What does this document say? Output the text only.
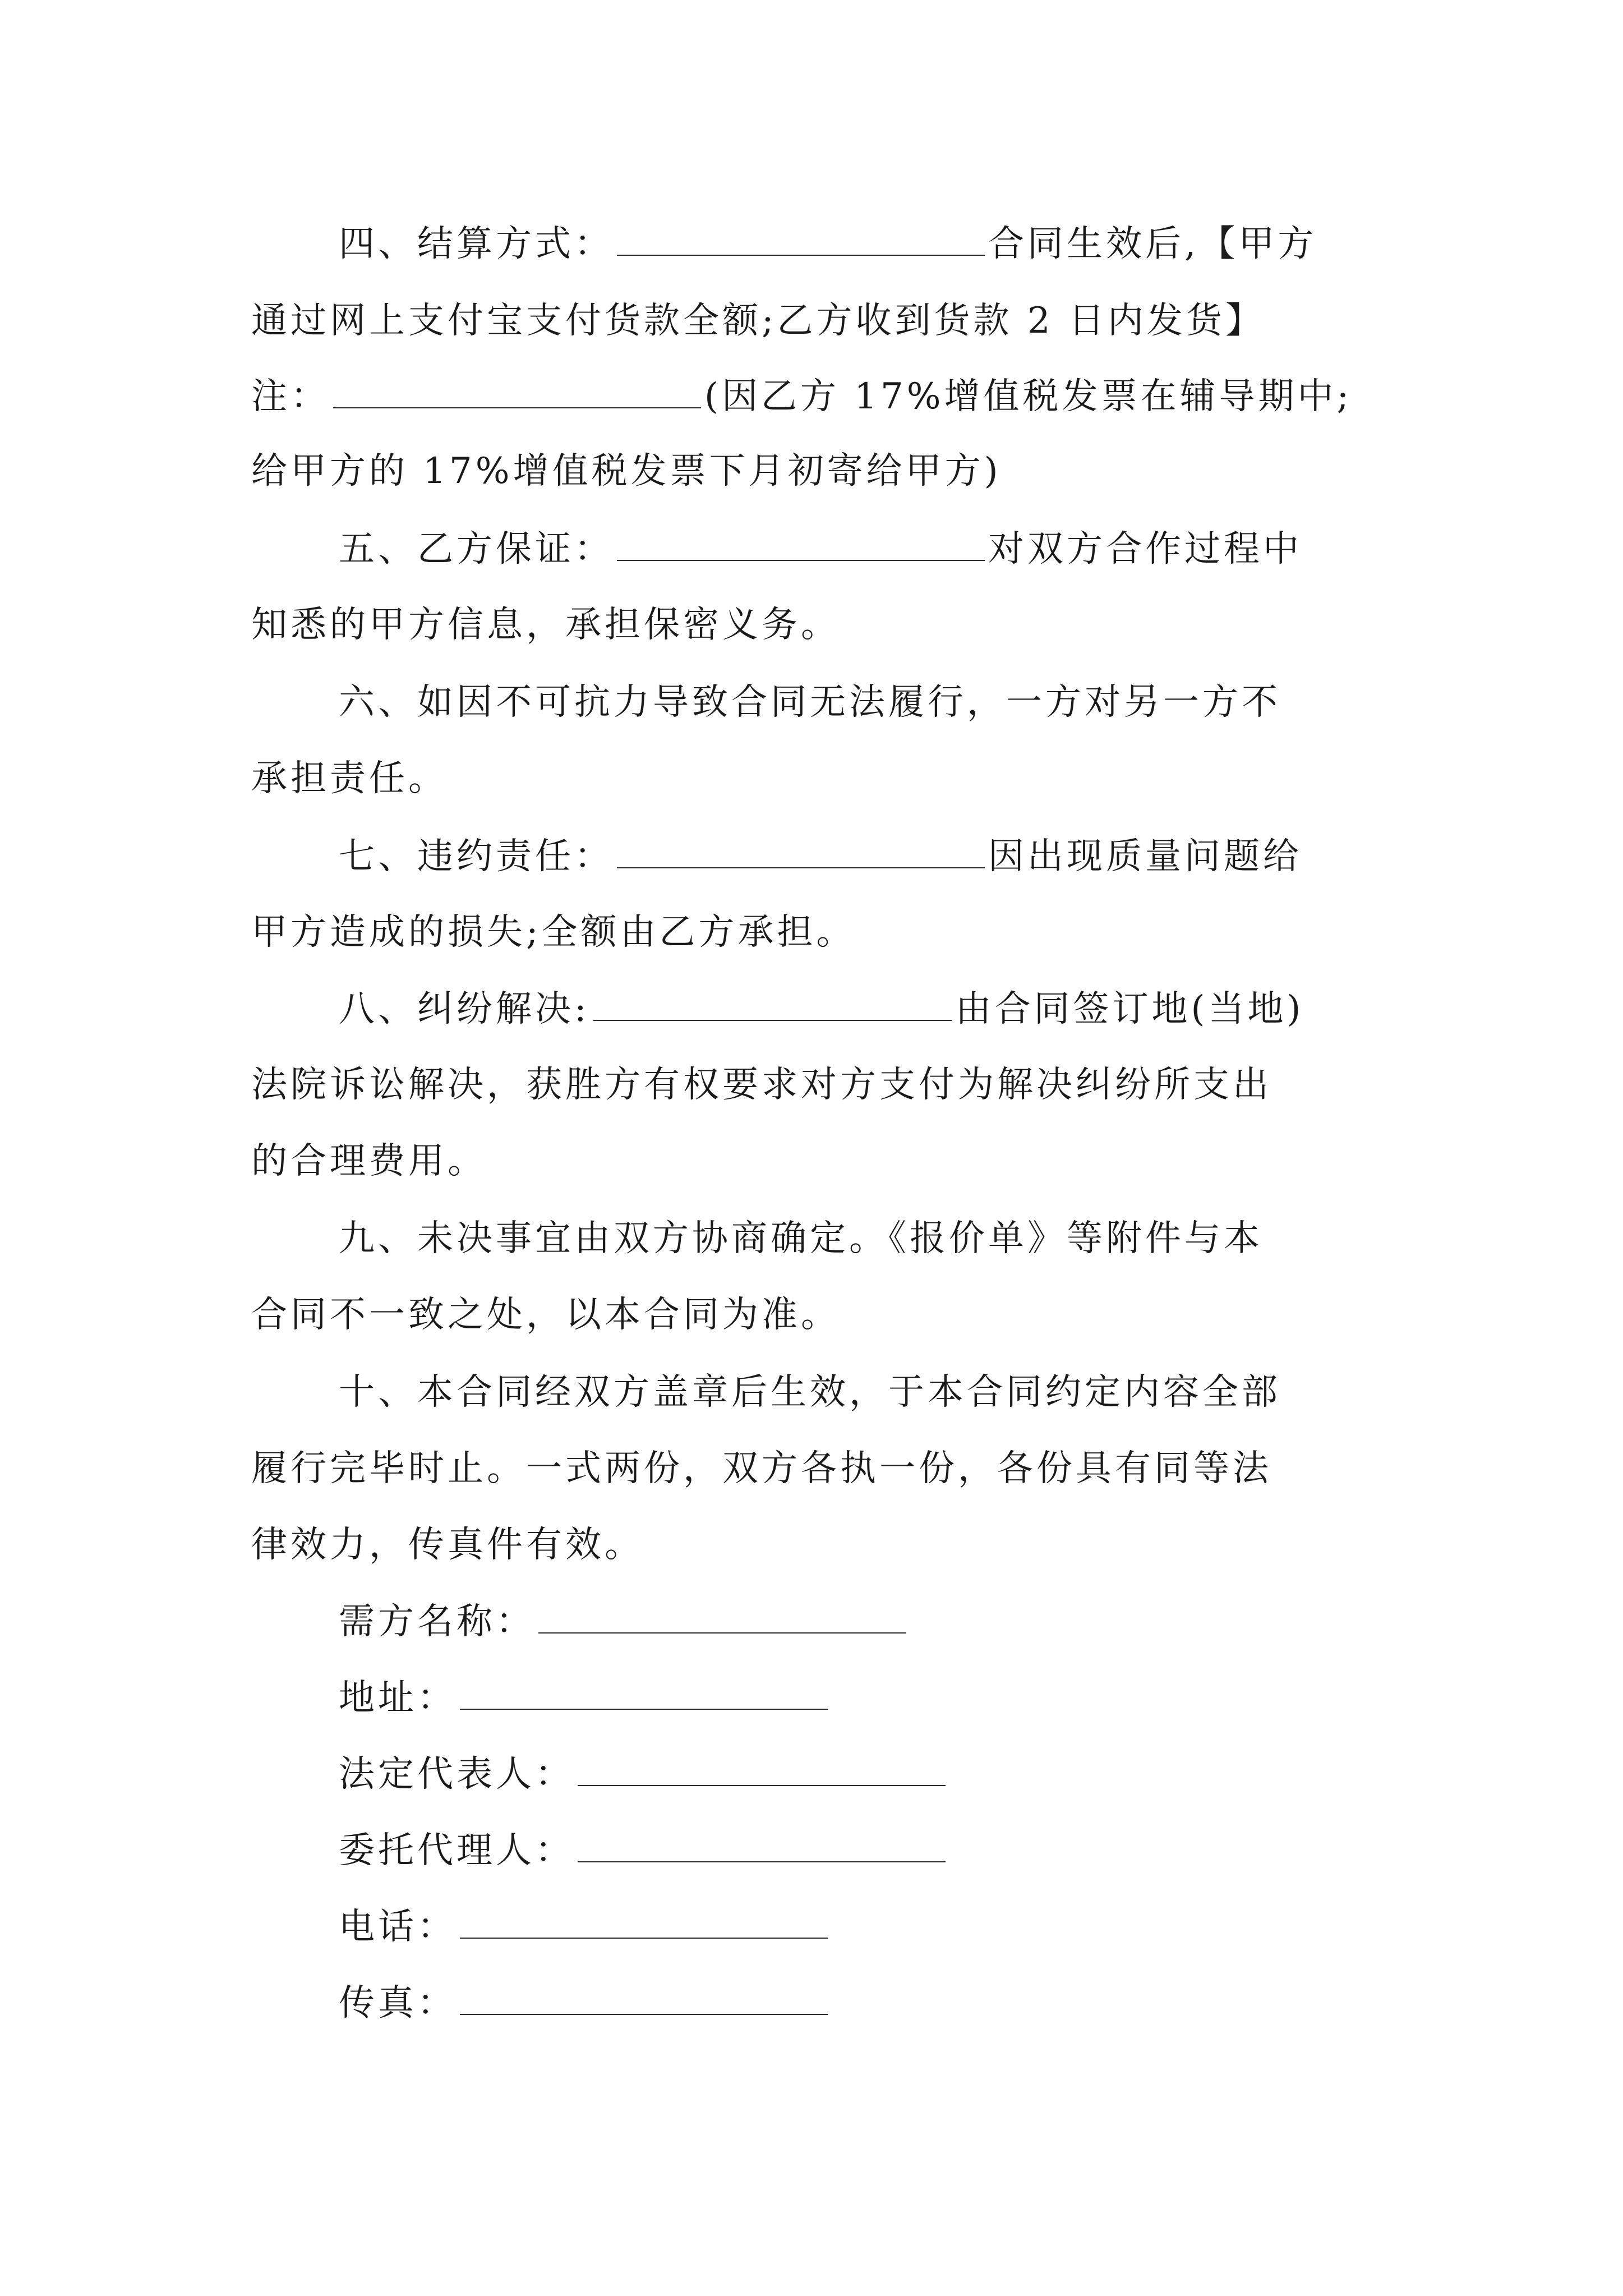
四、结算方式：	合同生效后,【甲方
通过网上支付宝支付货款全额;乙方收到货款 2 日内发货】
注：	(因乙方 17%增值税发票在辅导期中;
给甲方的 17%增值税发票下月初寄给甲方)
五、乙方保证：	对双方合作过程中
知悉的甲方信息，承担保密义务。
六、如因不可抗力导致合同无法履行，一方对另一方不
承担责任。
七、违约责任：	因出现质量问题给
甲方造成的损失;全额由乙方承担。
八、纠纷解决:	由合同签订地(当地)
法院诉讼解决，获胜方有权要求对方支付为解决纠纷所支出
的合理费用。
九、未决事宜由双方协商确定。《报价单》等附件与本
合同不一致之处，以本合同为准。
十、本合同经双方盖章后生效，于本合同约定内容全部
履行完毕时止。一式两份，双方各执一份，各份具有同等法
律效力，传真件有效。
需方名称：
地址：
法定代表人：
委托代理人：
电话：
传真：
